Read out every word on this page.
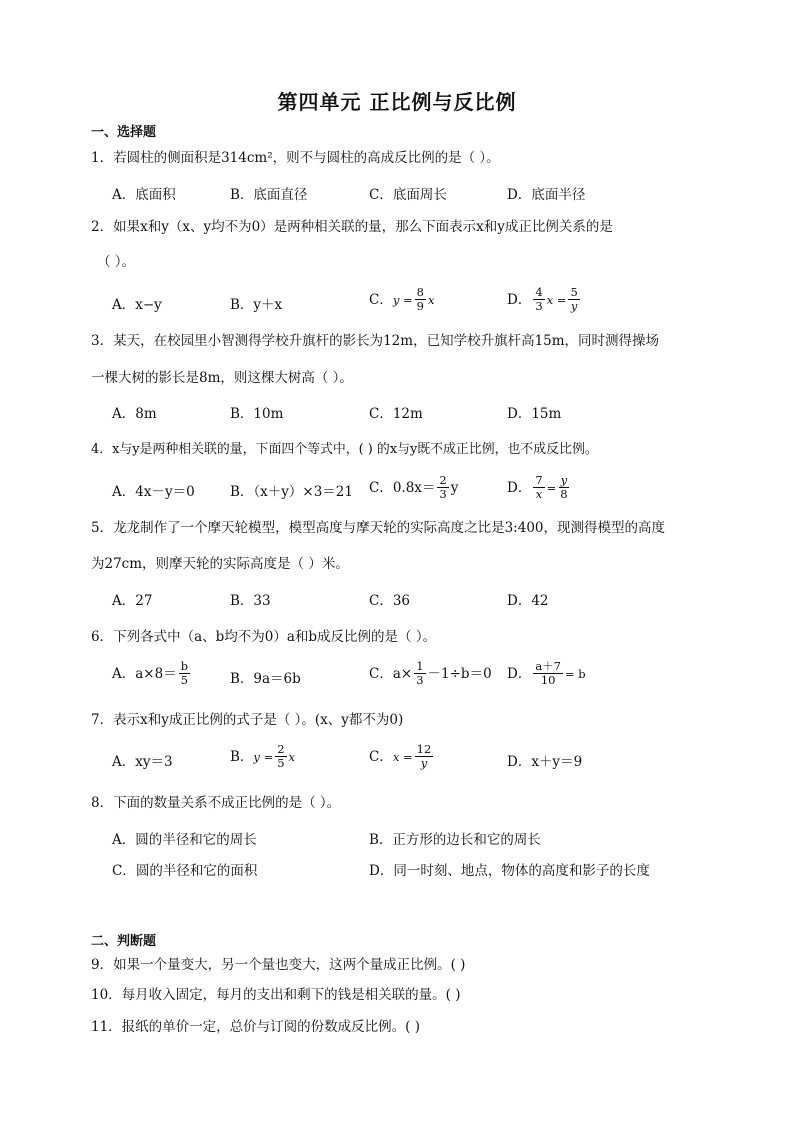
第四单元 正比例与反比例
一、选择题
1．若圆柱的侧面积是314cm²，则不与圆柱的高成反比例的是（ ）。
A．底面积	B．底面直径	C．底面周长	D．底面半径
2．如果x和y（x、y均不为0）是两种相关联的量，那么下面表示x和y成正比例关系的是
（ ）。
A．x−y	B．y＋x	C． $y = \frac{8}{9}$ x	D． $\frac{4}{3}$ $x = \frac{5}{y}$
3．某天，在校园里小智测得学校升旗杆的影长为12m，已知学校升旗杆高15m，同时测得操场
一棵大树的影长是8m，则这棵大树高（ ）。
A．8m	B．10m	C．12m	D．15m
4．x与y是两种相关联的量，下面四个等式中，( ) 的x与y既不成正比例，也不成反比例。
A．4x－y＝0	B．（x＋y）×3＝21 C．$0.8x= \frac{2}{3}$ y	D． $\frac{7}{x} = \frac{y}{8}$
5．龙龙制作了一个摩天轮模型，模型高度与摩天轮的实际高度之比是3:400，现测得模型的高度
为27cm，则摩天轮的实际高度是（ ）米。
A．27	B．33	C．36	D．42
6．下列各式中（a、b均不为0）a和b成反比例的是（ ）。
A．$a\times 8= \frac{b}{5}$	B．9a＝6b	C．$a\times \frac{1}{3} -1\div b=0$ D． $\frac{a+7}{10} = b$
7．表示x和y成正比例的式子是（ ）。(x、y都不为0)
A．xy＝3	B． $y = \frac{2}{5}$ x	C． $x = \frac{12}{y}$	D．x＋y＝9
8．下面的数量关系不成正比例的是（ ）。
A．圆的半径和它的周长	B．正方形的边长和它的周长
C．圆的半径和它的面积	D．同一时刻、地点，物体的高度和影子的长度
二、判断题
9．如果一个量变大，另一个量也变大，这两个量成正比例。( )
10．每月收入固定，每月的支出和剩下的钱是相关联的量。( )
11．报纸的单价一定，总价与订阅的份数成反比例。( )
